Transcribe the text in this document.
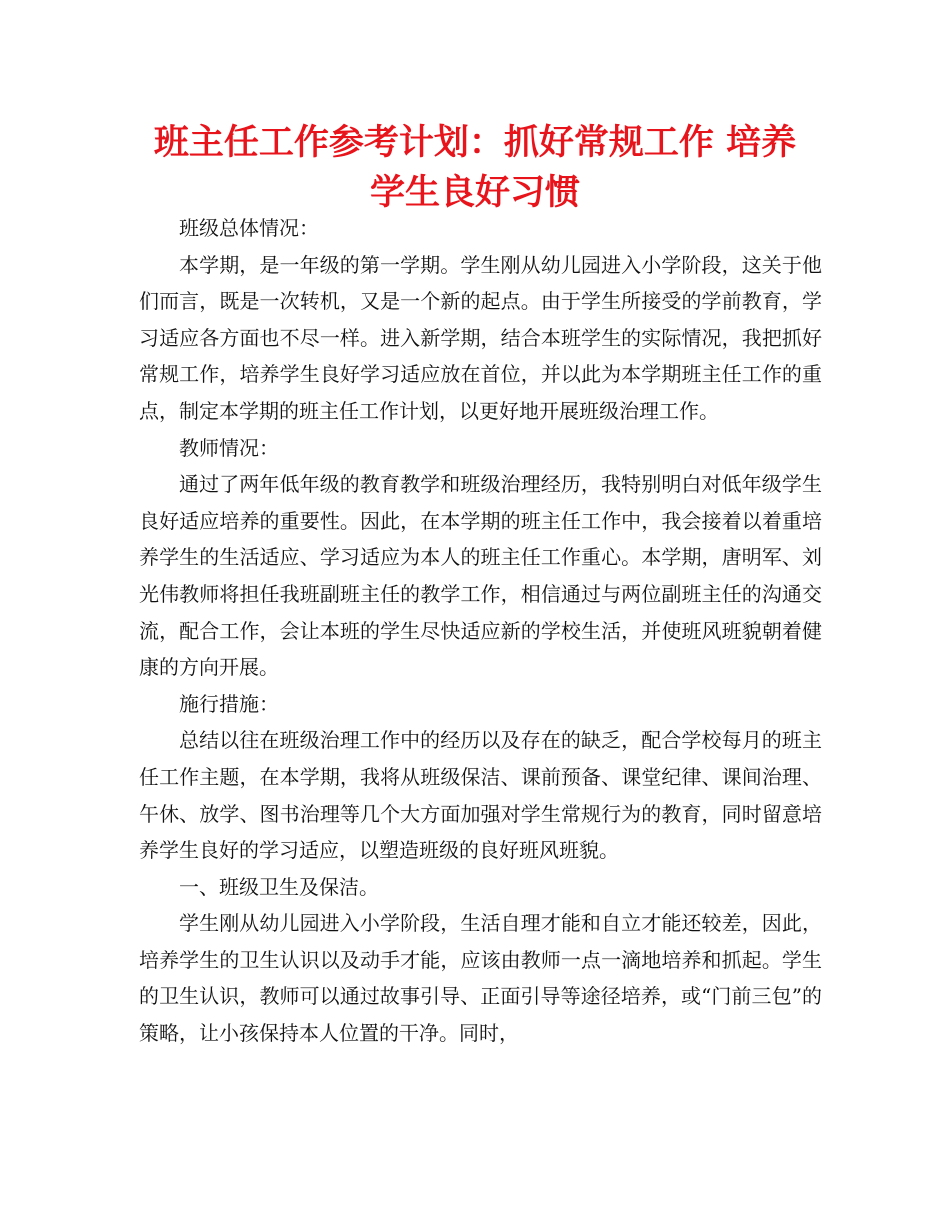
班主任工作参考计划：抓好常规工作 培养
学生良好习惯

班级总体情况：

本学期，是一年级的第一学期。学生刚从幼儿园进入小学阶段，这关于他们而言，既是一次转机，又是一个新的起点。由于学生所接受的学前教育，学习适应各方面也不尽一样。进入新学期，结合本班学生的实际情况，我把抓好常规工作，培养学生良好学习适应放在首位，并以此为本学期班主任工作的重点，制定本学期的班主任工作计划，以更好地开展班级治理工作。

教师情况：

通过了两年低年级的教育教学和班级治理经历，我特别明白对低年级学生良好适应培养的重要性。因此，在本学期的班主任工作中，我会接着以着重培养学生的生活适应、学习适应为本人的班主任工作重心。本学期，唐明军、刘光伟教师将担任我班副班主任的教学工作，相信通过与两位副班主任的沟通交流，配合工作，会让本班的学生尽快适应新的学校生活，并使班风班貌朝着健康的方向开展。

施行措施：

总结以往在班级治理工作中的经历以及存在的缺乏，配合学校每月的班主任工作主题，在本学期，我将从班级保洁、课前预备、课堂纪律、课间治理、午休、放学、图书治理等几个大方面加强对学生常规行为的教育，同时留意培养学生良好的学习适应，以塑造班级的良好班风班貌。

一、班级卫生及保洁。

学生刚从幼儿园进入小学阶段，生活自理才能和自立才能还较差，因此，培养学生的卫生认识以及动手才能，应该由教师一点一滴地培养和抓起。学生的卫生认识，教师可以通过故事引导、正面引导等途径培养，或“门前三包”的策略，让小孩保持本人位置的干净。同时，
